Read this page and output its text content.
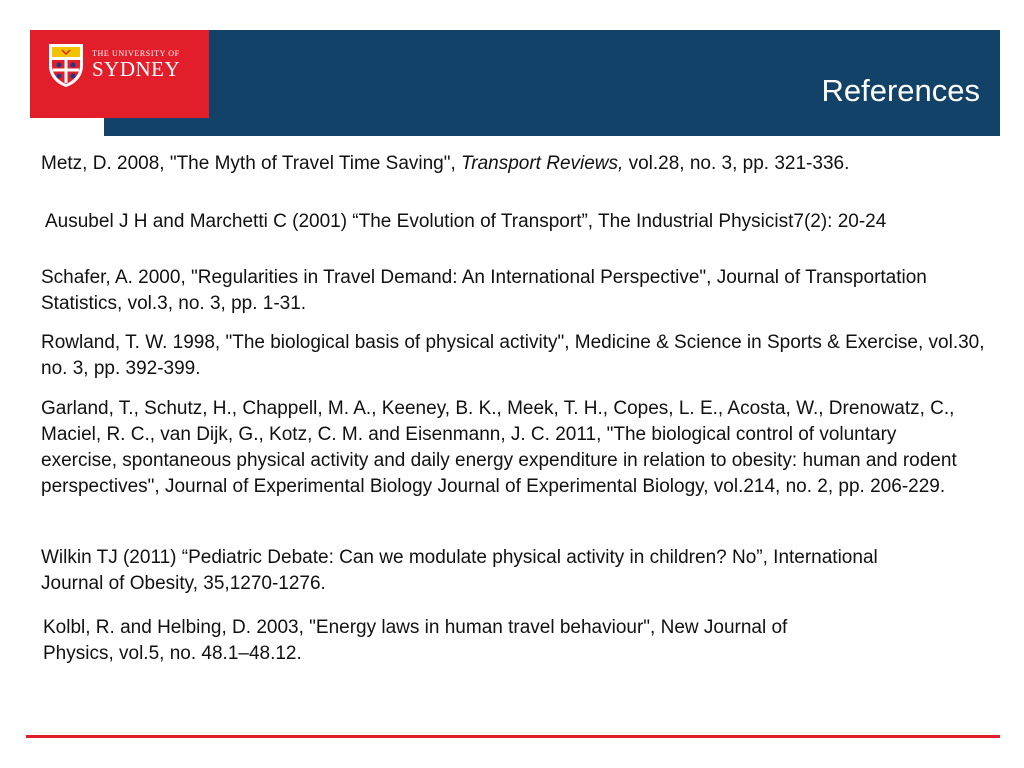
THE UNIVERSITY OF
SYDNEY
References

Metz, D. 2008, "The Myth of Travel Time Saving", Transport Reviews, vol.28, no. 3, pp. 321-336.

Ausubel J H and Marchetti C (2001) “The Evolution of Transport”, The Industrial Physicist7(2): 20-24

Schafer, A. 2000, "Regularities in Travel Demand: An International Perspective", Journal of Transportation Statistics, vol.3, no. 3, pp. 1-31.

Rowland, T. W. 1998, "The biological basis of physical activity", Medicine & Science in Sports & Exercise, vol.30, no. 3, pp. 392-399.

Garland, T., Schutz, H., Chappell, M. A., Keeney, B. K., Meek, T. H., Copes, L. E., Acosta, W., Drenowatz, C., Maciel, R. C., van Dijk, G., Kotz, C. M. and Eisenmann, J. C. 2011, "The biological control of voluntary exercise, spontaneous physical activity and daily energy expenditure in relation to obesity: human and rodent perspectives", Journal of Experimental Biology Journal of Experimental Biology, vol.214, no. 2, pp. 206-229.

Wilkin TJ (2011) “Pediatric Debate: Can we modulate physical activity in children? No”, International Journal of Obesity, 35,1270-1276.

Kolbl, R. and Helbing, D. 2003, "Energy laws in human travel behaviour", New Journal of Physics, vol.5, no. 48.1–48.12.
